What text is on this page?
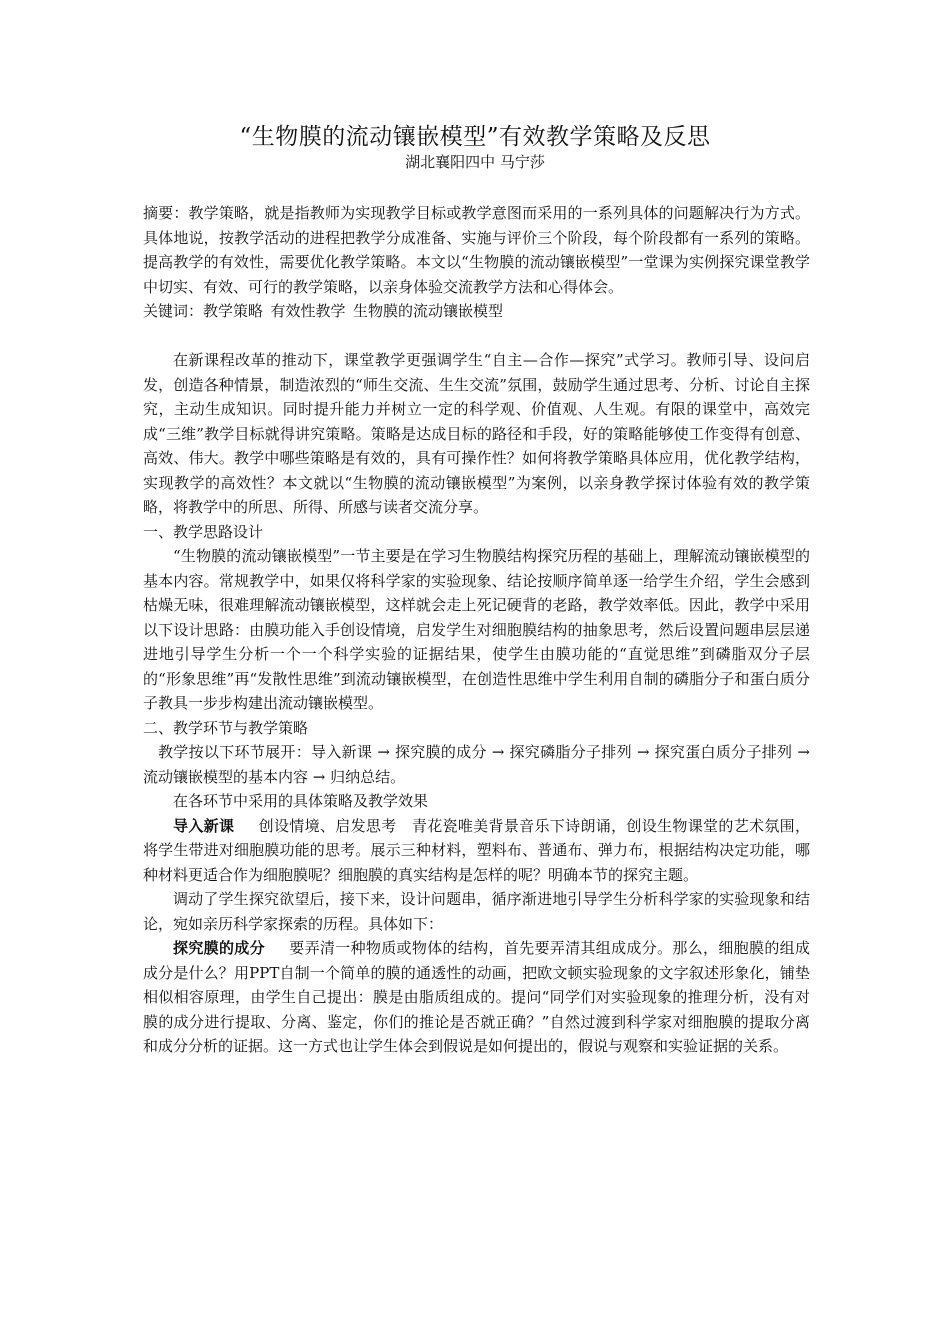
“生物膜的流动镶嵌模型”有效教学策略及反思
湖北襄阳四中 马宁莎

摘要：教学策略，就是指教师为实现教学目标或教学意图而采用的一系列具体的问题解决行为方式。具体地说，按教学活动的进程把教学分成准备、实施与评价三个阶段，每个阶段都有一系列的策略。提高教学的有效性，需要优化教学策略。本文以“生物膜的流动镶嵌模型”一堂课为实例探究课堂教学中切实、有效、可行的教学策略，以亲身体验交流教学方法和心得体会。

关键词：教学策略 有效性教学 生物膜的流动镶嵌模型

在新课程改革的推动下，课堂教学更强调学生“自主—合作—探究”式学习。教师引导、设问启发，创造各种情景，制造浓烈的“师生交流、生生交流”氛围，鼓励学生通过思考、分析、讨论自主探究，主动生成知识。同时提升能力并树立一定的科学观、价值观、人生观。有限的课堂中，高效完成“三维”教学目标就得讲究策略。策略是达成目标的路径和手段，好的策略能够使工作变得有创意、高效、伟大。教学中哪些策略是有效的，具有可操作性？如何将教学策略具体应用，优化教学结构，实现教学的高效性？本文就以“生物膜的流动镶嵌模型”为案例，以亲身教学探讨体验有效的教学策略，将教学中的所思、所得、所感与读者交流分享。

一、教学思路设计

“生物膜的流动镶嵌模型”一节主要是在学习生物膜结构探究历程的基础上，理解流动镶嵌模型的基本内容。常规教学中，如果仅将科学家的实验现象、结论按顺序简单逐一给学生介绍，学生会感到枯燥无味，很难理解流动镶嵌模型，这样就会走上死记硬背的老路，教学效率低。因此，教学中采用以下设计思路：由膜功能入手创设情境，启发学生对细胞膜结构的抽象思考，然后设置问题串层层递进地引导学生分析一个一个科学实验的证据结果，使学生由膜功能的“直觉思维”到磷脂双分子层的“形象思维”再“发散性思维”到流动镶嵌模型，在创造性思维中学生利用自制的磷脂分子和蛋白质分子教具一步步构建出流动镶嵌模型。

二、教学环节与教学策略

教学按以下环节展开：导入新课 → 探究膜的成分 → 探究磷脂分子排列 → 探究蛋白质分子排列 → 流动镶嵌模型的基本内容 → 归纳总结。

在各环节中采用的具体策略及教学效果

导入新课 创设情境、启发思考　青花瓷唯美背景音乐下诗朗诵，创设生物课堂的艺术氛围，将学生带进对细胞膜功能的思考。展示三种材料，塑料布、普通布、弹力布，根据结构决定功能，哪种材料更适合作为细胞膜呢？细胞膜的真实结构是怎样的呢？明确本节的探究主题。

调动了学生探究欲望后，接下来，设计问题串，循序渐进地引导学生分析科学家的实验现象和结论，宛如亲历科学家探索的历程。具体如下：

探究膜的成分 要弄清一种物质或物体的结构，首先要弄清其组成成分。那么，细胞膜的组成成分是什么？用PPT自制一个简单的膜的通透性的动画，把欧文顿实验现象的文字叙述形象化，铺垫相似相容原理，由学生自己提出：膜是由脂质组成的。提问“同学们对实验现象的推理分析，没有对膜的成分进行提取、分离、鉴定，你们的推论是否就正确？”自然过渡到科学家对细胞膜的提取分离和成分分析的证据。这一方式也让学生体会到假说是如何提出的，假说与观察和实验证据的关系。
